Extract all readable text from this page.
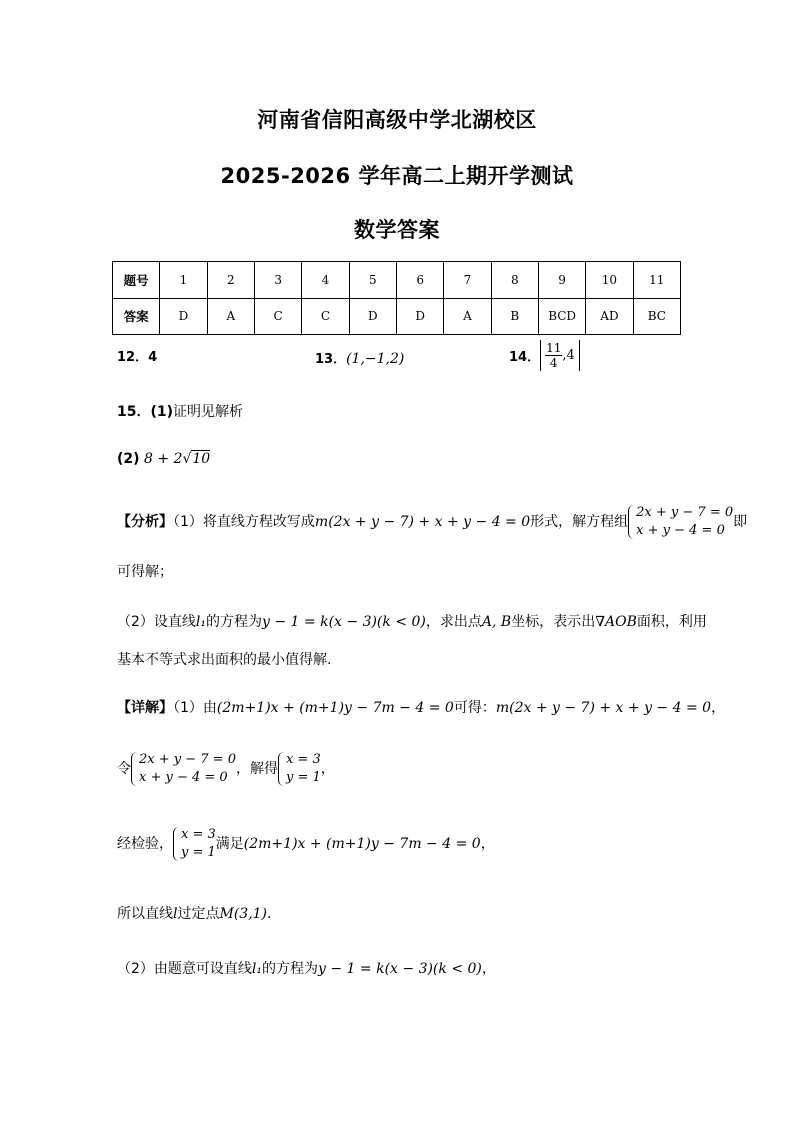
河南省信阳高级中学北湖校区
2025-2026 学年高二上期开学测试
数学答案
题号	1	2	3	4	5	6	7	8	9	10	11
答案	D	A	C	C	D	D	A	B	BCD	AD	BC
12．4	13．(1,−1,2)	14． $\frac{11}{4} ,4$
15．(1)证明见解析
(2) 8 + 2√10
【分析】（1）将直线方程改写成m(2x + y − 7) + x + y − 4 = 0形式，解方程组
2x + y − 7 = 0
x + y − 4 = 0
即
可得解；
（2）设直线l₁的方程为y − 1 = k(x − 3)(k < 0)，求出点A, B坐标，表示出∇AOB面积，利用
基本不等式求出面积的最小值得解.
【详解】（1）由(2m+1)x + (m+1)y − 7m − 4 = 0可得：m(2x + y − 7) + x + y − 4 = 0，
令
2x + y − 7 = 0
x + y − 4 = 0
，解得
x = 3
y = 1
，
经检验，
x = 3
y = 1
满足(2m+1)x + (m+1)y − 7m − 4 = 0，
所以直线l过定点M(3,1).
（2）由题意可设直线l₁的方程为y − 1 = k(x − 3)(k < 0)，
